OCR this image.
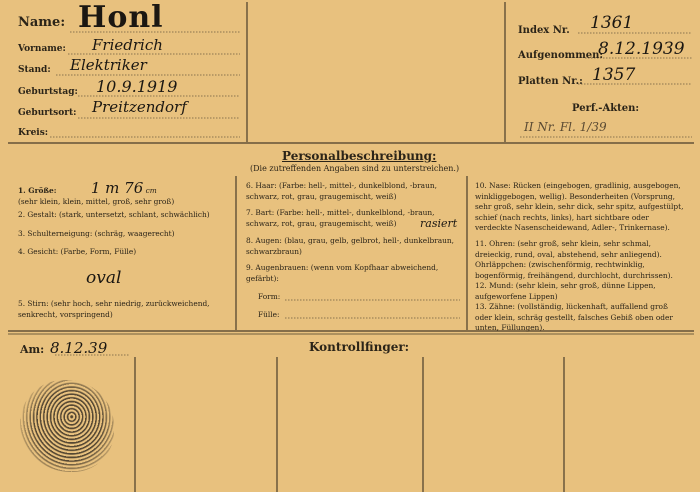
Name: Honl
Vorname: Friedrich
Stand: Elektriker
Geburtstag: 10.9.1919
Geburtsort: Preitzendorf
Kreis:
Index Nr. 1361
Aufgenommen:
8.12.1939
Platten Nr.: 1357
Perf.-Akten:
II Nr. Fl. 1/39
Personalbeschreibung:
(Die zutreffenden Angaben sind zu unterstreichen.)
1. Größe: 1 m 76 cm
(sehr klein, klein, mittel, groß, sehr groß)
2. Gestalt: (stark, untersetzt, schlant, schwächlich)
3. Schulterneigung: (schräg, waagerecht)
4. Gesicht: (Farbe, Form, Fülle)
oval
5. Stirn: (sehr hoch, sehr niedrig, zurückweichend, senkrecht, vorspringend)
6. Haar: (Farbe: hell-, mittel-, dunkelblond, -braun, schwarz, rot, grau, graugemischt, weiß)
7. Bart: (Farbe: hell-, mittel-, dunkelblond, -braun, schwarz, rot, grau, graugemischt, weiß)	rasiert
8. Augen: (blau, grau, gelb, gelbrot, hell-, dunkelbraun, schwarzbraun)
9. Augenbrauen: (wenn vom Kopfhaar abweichend, gefärbt):
Form:
Fülle:
10. Nase: Rücken (eingebogen, gradlinig, ausgebogen, winkliggebogen, wellig). Besonderheiten (Vorsprung, sehr groß, sehr klein, sehr dick, sehr spitz, aufgestülpt, schief (nach rechts, links), hart sichtbare oder verdeckte Nasenscheidewand, Adler-, Trinkernase).
11. Ohren: (sehr groß, sehr klein, sehr schmal, dreieckig, rund, oval, abstehend, sehr anliegend). Ohrläppchen: (zwischenförmig, rechtwinklig, bogenförmig, freihängend, durchlocht, durchrissen).
12. Mund: (sehr klein, sehr groß, dünne Lippen, aufgeworfene Lippen)
13. Zähne: (vollständig, lückenhaft, auffallend groß oder klein, schräg gestellt, falsches Gebiß oben oder unten, Füllungen).
Am: 8.12.39	Kontrollfinger:
